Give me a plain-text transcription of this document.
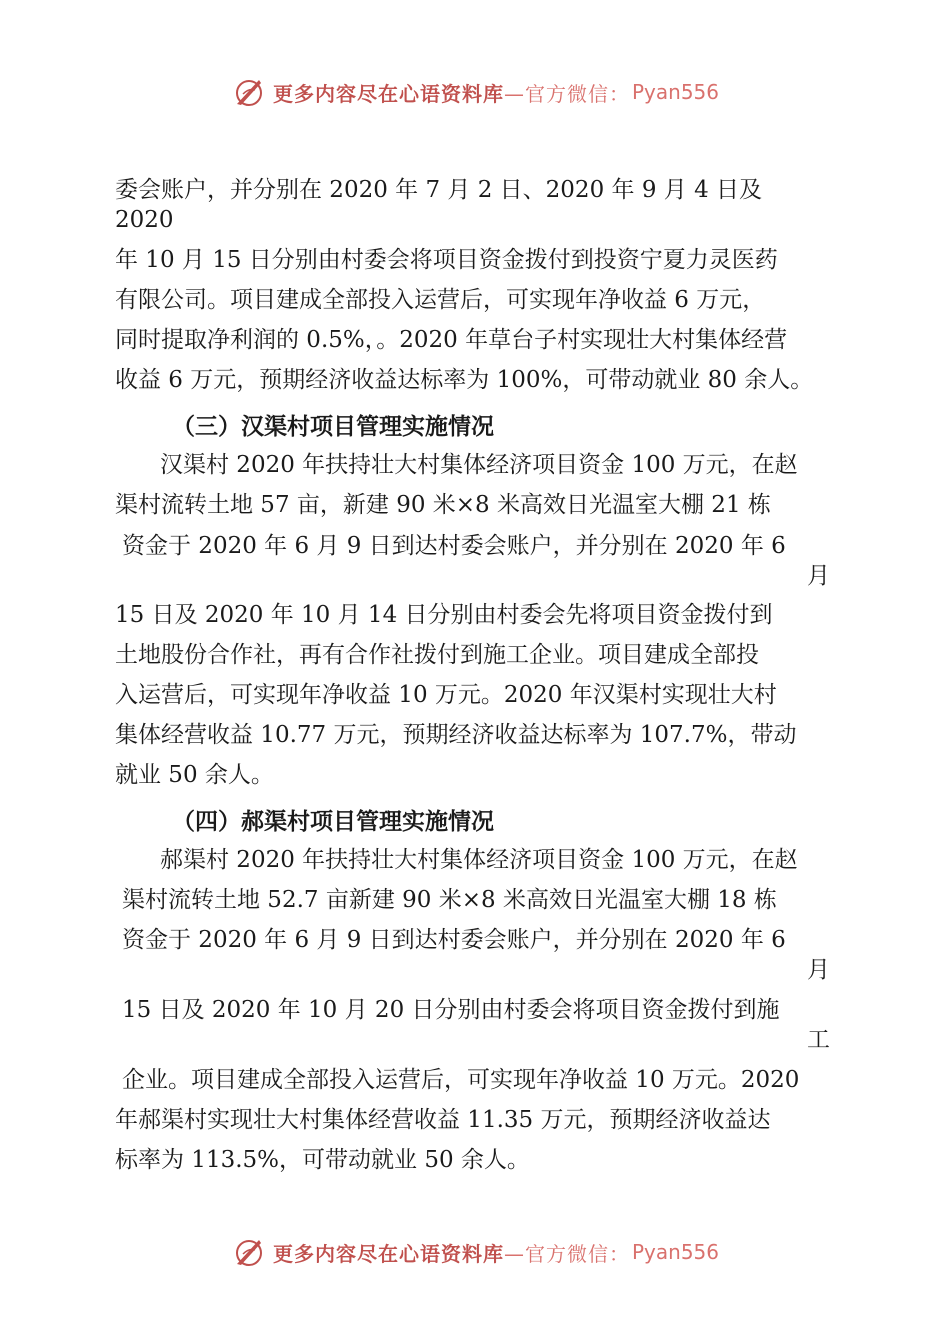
更多内容尽在心语资料库 —官方微信： Pyan556

委会账户，并分别在 2020 年 7 月 2 日、2020 年 9 月 4 日及

2020

年 10 月 15 日分别由村委会将项目资金拨付到投资宁夏力灵医药

有限公司。项目建成全部投入运营后，可实现年净收益 6 万元，

同时提取净利润的 0.5%，。2020 年草台子村实现壮大村集体经营

收益 6 万元，预期经济收益达标率为 100%，可带动就业 80 余人。

（三）汉渠村项目管理实施情况

汉渠村 2020 年扶持壮大村集体经济项目资金 100 万元，在赵

渠村流转土地 57 亩，新建 90 米×8 米高效日光温室大棚 21 栋

资金于 2020 年 6 月 9 日到达村委会账户，并分别在 2020 年 6

月

15 日及 2020 年 10 月 14 日分别由村委会先将项目资金拨付到

土地股份合作社，再有合作社拨付到施工企业。项目建成全部投

入运营后，可实现年净收益 10 万元。2020 年汉渠村实现壮大村

集体经营收益 10.77 万元，预期经济收益达标率为 107.7%，带动

就业 50 余人。

（四）郝渠村项目管理实施情况

郝渠村 2020 年扶持壮大村集体经济项目资金 100 万元，在赵

渠村流转土地 52.7 亩新建 90 米×8 米高效日光温室大棚 18 栋

资金于 2020 年 6 月 9 日到达村委会账户，并分别在 2020 年 6

月

15 日及 2020 年 10 月 20 日分别由村委会将项目资金拨付到施

工

企业。项目建成全部投入运营后，可实现年净收益 10 万元。2020

年郝渠村实现壮大村集体经营收益 11.35 万元，预期经济收益达

标率为 113.5%，可带动就业 50 余人。

更多内容尽在心语资料库 —官方微信： Pyan556
